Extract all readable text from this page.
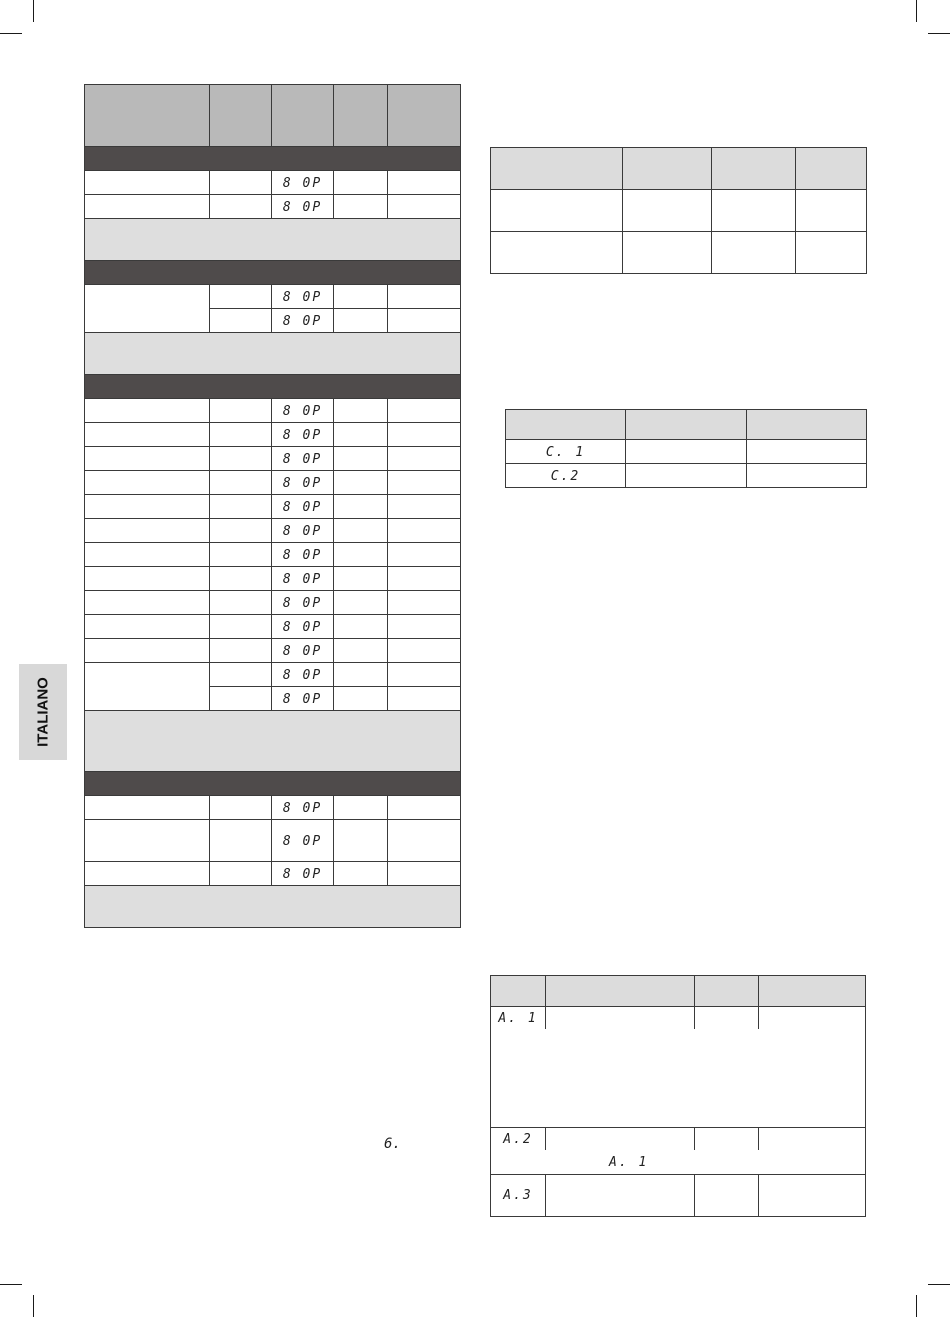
ITALIANO

		8 0P		
		8 0P		

		8 0P		
		8 0P		

		8 0P		
		8 0P		
		8 0P		
		8 0P		
		8 0P		
		8 0P		
		8 0P		
		8 0P		
		8 0P		
		8 0P		
		8 0P		
		8 0P		
		8 0P		

		8 0P		
		8 0P		
		8 0P		

6.

C. 1		
C.2		
A. 1
A.2
A. 1
A.3
